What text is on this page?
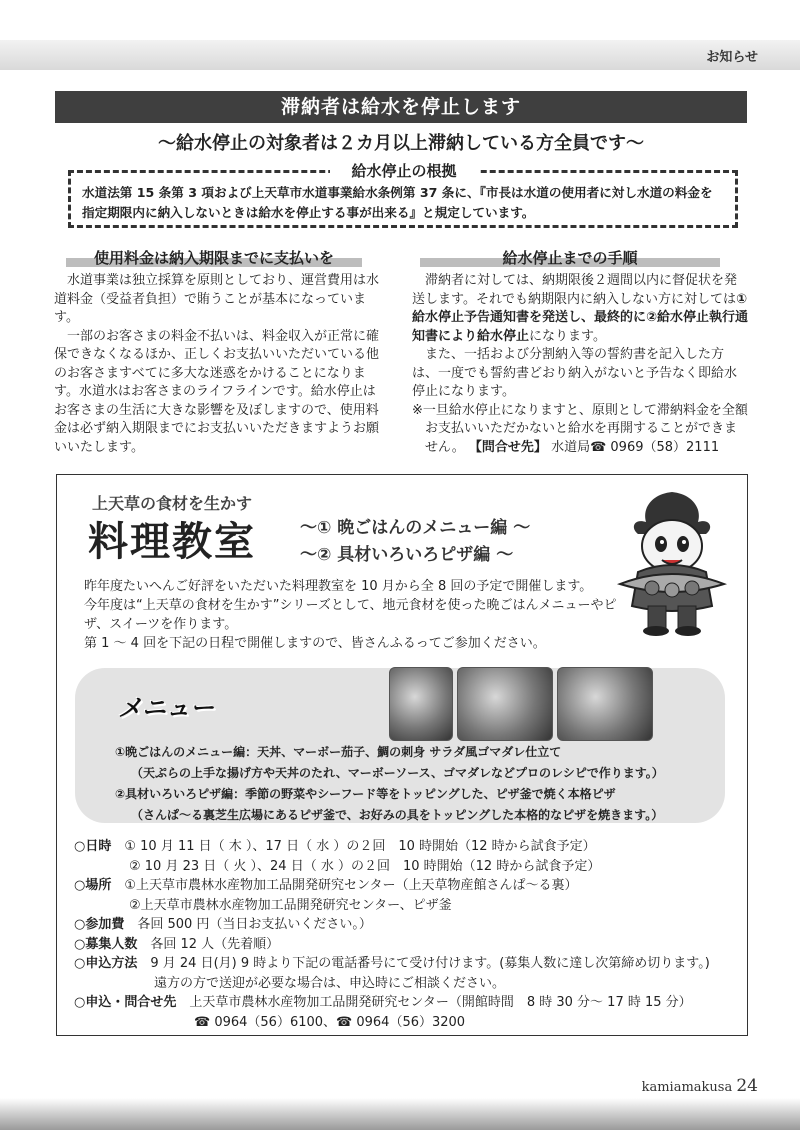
お知らせ
滞納者は給水を停止します
～給水停止の対象者は２カ月以上滞納している方全員です～
給水停止の根拠
水道法第 15 条第 3 項および上天草市水道事業給水条例第 37 条に、『市長は水道の使用者に対し水道の料金を指定期限内に納入しないときは給水を停止する事が出来る』と規定しています。
使用料金は納入期限までに支払いを

水道事業は独立採算を原則としており、運営費用は水道料金（受益者負担）で賄うことが基本になっています。

一部のお客さまの料金不払いは、料金収入が正常に確保できなくなるほか、正しくお支払いいただいている他のお客さますべてに多大な迷惑をかけることになります。水道水はお客さまのライフラインです。給水停止はお客さまの生活に大きな影響を及ぼしますので、使用料金は必ず納入期限までにお支払いいただきますようお願いいたします。

給水停止までの手順

滞納者に対しては、納期限後２週間以内に督促状を発送します。それでも納期限内に納入しない方に対しては①給水停止予告通知書を発送し、最終的に②給水停止執行通知書により給水停止になります。

また、一括および分割納入等の誓約書を記入した方は、一度でも誓約書どおり納入がないと予告なく即給水停止になります。

※一旦給水停止になりますと、原則として滞納料金を全額お支払いいただかないと給水を再開することができません。 【問合せ先】 水道局☎ 0969（58）2111

上天草の食材を生かす
料理教室	～① 晩ごはんのメニュー編 ～
～② 具材いろいろピザ編 ～

昨年度たいへんご好評をいただいた料理教室を 10 月から全 8 回の予定で開催します。

今年度は“上天草の食材を生かす”シリーズとして、地元食材を使った晩ごはんメニューやピザ、スイーツを作ります。

第 1 ～ 4 回を下記の日程で開催しますので、皆さんふるってご参加ください。

メニュー
①晩ごはんのメニュー編：天丼、マーボー茄子、鯛の刺身 サラダ風ゴマダレ仕立て
（天ぷらの上手な揚げ方や天丼のたれ、マーボーソース、ゴマダレなどプロのレシピで作ります。）
②具材いろいろピザ編：季節の野菜やシーフード等をトッピングした、ピザ釜で焼く本格ピザ
（さんぱ～る裏芝生広場にあるピザ釜で、お好みの具をトッピングした本格的なピザを焼きます。）
○日時　 ① 10 月 11 日（ 木 ）、17 日（ 水 ）の２回　10 時開始（12 時から試食予定）
② 10 月 23 日（ 火 ）、24 日（ 水 ）の２回　10 時開始（12 時から試食予定）
○場所　 ①上天草市農林水産物加工品開発研究センター（上天草物産館さんぱ～る裏）
②上天草市農林水産物加工品開発研究センター、ピザ釜
○参加費　 各回 500 円（当日お支払いください。）
○募集人数　 各回 12 人（先着順）
○申込方法　 9 月 24 日(月) 9 時より下記の電話番号にて受け付けます。(募集人数に達し次第締め切ります。)
遠方の方で送迎が必要な場合は、申込時にご相談ください。
○申込・問合せ先　 上天草市農林水産物加工品開発研究センター（開館時間　8 時 30 分～ 17 時 15 分）
☎ 0964（56）6100、☎ 0964（56）3200
kamiamakusa 24
